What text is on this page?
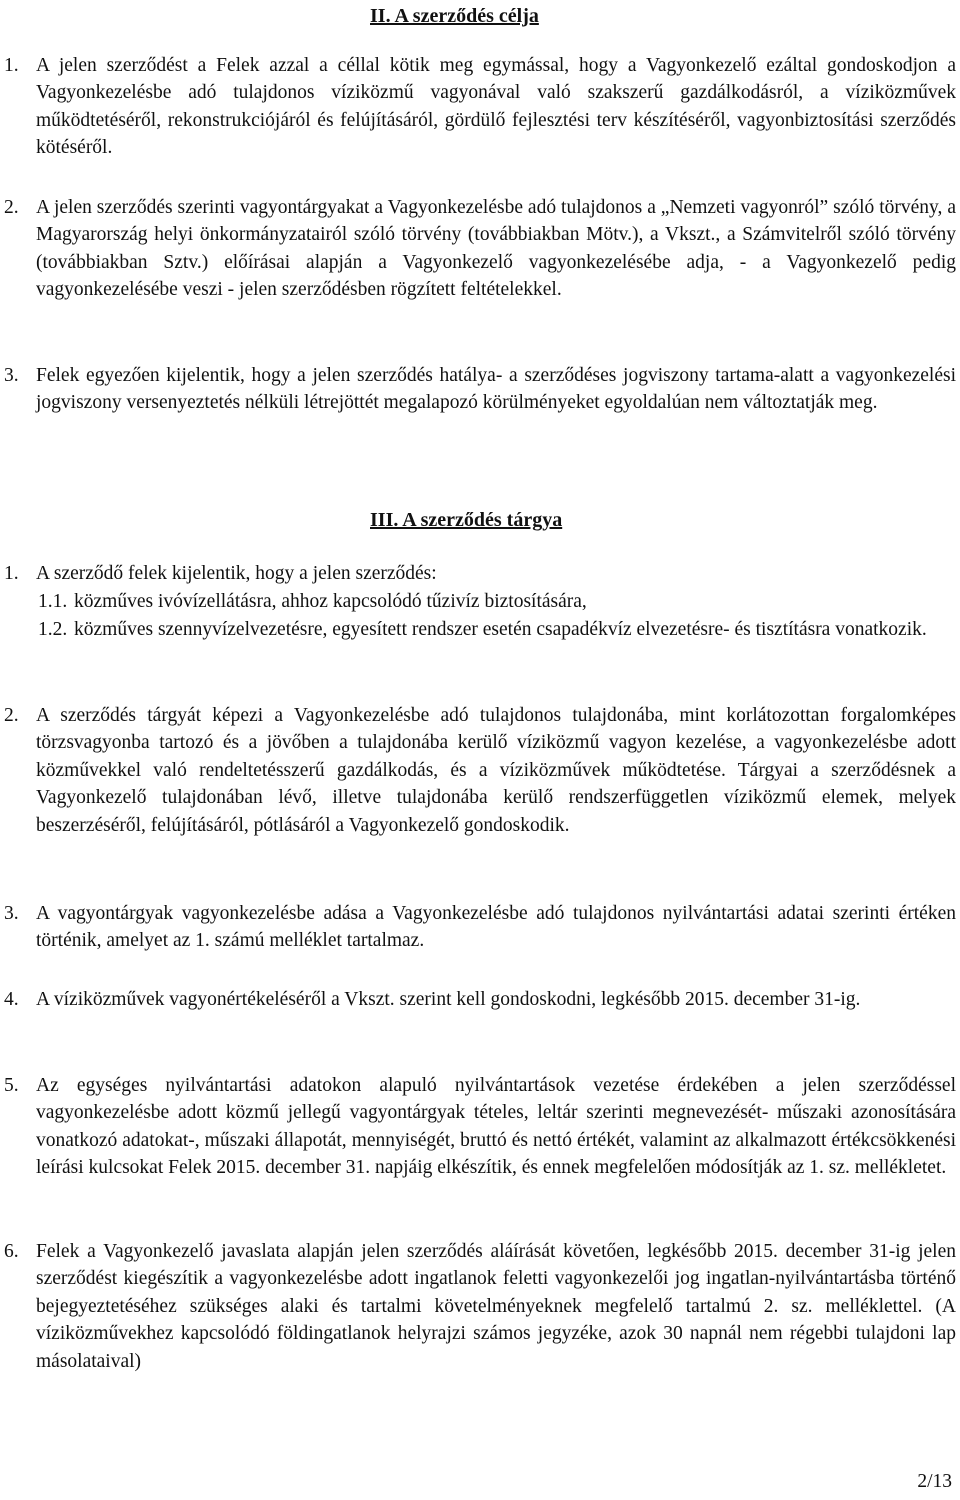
II. A szerződés célja
1. A jelen szerződést a Felek azzal a céllal kötik meg egymással, hogy a Vagyonkezelő ezáltal gondoskodjon a Vagyonkezelésbe adó tulajdonos víziközmű vagyonával való szakszerű gazdálkodásról, a víziközművek működtetéséről, rekonstrukciójáról és felújításáról, gördülő fejlesztési terv készítéséről, vagyonbiztosítási szerződés kötéséről.
2. A jelen szerződés szerinti vagyontárgyakat a Vagyonkezelésbe adó tulajdonos a „Nemzeti vagyonról” szóló törvény, a Magyarország helyi önkormányzatairól szóló törvény (továbbiakban Mötv.), a Vkszt., a Számvitelről szóló törvény (továbbiakban Sztv.) előírásai alapján a Vagyonkezelő vagyonkezelésébe adja, - a Vagyonkezelő pedig vagyonkezelésébe veszi - jelen szerződésben rögzített feltételekkel.
3. Felek egyezően kijelentik, hogy a jelen szerződés hatálya- a szerződéses jogviszony tartama-alatt a vagyonkezelési jogviszony versenyeztetés nélküli létrejöttét megalapozó körülményeket egyoldalúan nem változtatják meg.
III. A szerződés tárgya
1. A szerződő felek kijelentik, hogy a jelen szerződés:
1.1. közműves ivóvízellátásra, ahhoz kapcsolódó tűzivíz biztosítására,
1.2. közműves szennyvízelvezetésre, egyesített rendszer esetén csapadékvíz elvezetésre- és tisztításra vonatkozik.
2. A szerződés tárgyát képezi a Vagyonkezelésbe adó tulajdonos tulajdonába, mint korlátozottan forgalomképes törzsvagyonba tartozó és a jövőben a tulajdonába kerülő víziközmű vagyon kezelése, a vagyonkezelésbe adott közművekkel való rendeltetésszerű gazdálkodás, és a víziközművek működtetése. Tárgyai a szerződésnek a Vagyonkezelő tulajdonában lévő, illetve tulajdonába kerülő rendszerfüggetlen víziközmű elemek, melyek beszerzéséről, felújításáról, pótlásáról a Vagyonkezelő gondoskodik.
3. A vagyontárgyak vagyonkezelésbe adása a Vagyonkezelésbe adó tulajdonos nyilvántartási adatai szerinti értéken történik, amelyet az 1. számú melléklet tartalmaz.
4. A víziközművek vagyonértékeléséről a Vkszt. szerint kell gondoskodni, legkésőbb 2015. december 31-ig.
5. Az egységes nyilvántartási adatokon alapuló nyilvántartások vezetése érdekében a jelen szerződéssel vagyonkezelésbe adott közmű jellegű vagyontárgyak tételes, leltár szerinti megnevezését- műszaki azonosítására vonatkozó adatokat-, műszaki állapotát, mennyiségét, bruttó és nettó értékét, valamint az alkalmazott értékcsökkenési leírási kulcsokat Felek 2015. december 31. napjáig elkészítik, és ennek megfelelően módosítják az 1. sz. mellékletet.
6. Felek a Vagyonkezelő javaslata alapján jelen szerződés aláírását követően, legkésőbb 2015. december 31-ig jelen szerződést kiegészítik a vagyonkezelésbe adott ingatlanok feletti vagyonkezelői jog ingatlan-nyilvántartásba történő bejegyeztetéséhez szükséges alaki és tartalmi követelményeknek megfelelő tartalmú 2. sz. melléklettel. (A víziközművekhez kapcsolódó földingatlanok helyrajzi számos jegyzéke, azok 30 napnál nem régebbi tulajdoni lap másolataival)
2/13
